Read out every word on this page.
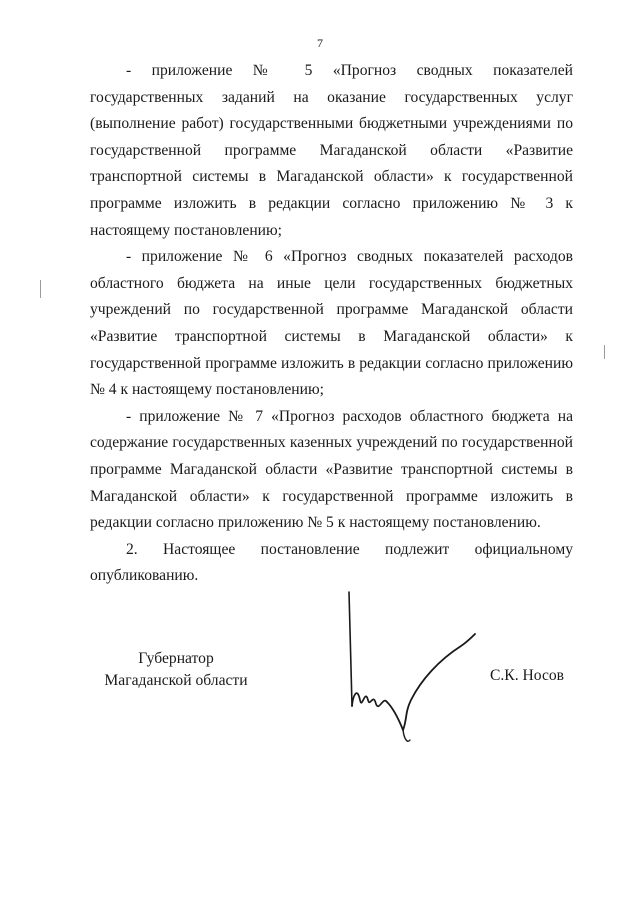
7

- приложение № 5 «Прогноз сводных показателей государственных заданий на оказание государственных услуг (выполнение работ) государственными бюджетными учреждениями по государственной программе Магаданской области «Развитие транспортной системы в Магаданской области» к государственной программе изложить в редакции согласно приложению № 3 к настоящему постановлению;

- приложение № 6 «Прогноз сводных показателей расходов областного бюджета на иные цели государственных бюджетных учреждений по государственной программе Магаданской области «Развитие транспортной системы в Магаданской области» к государственной программе изложить в редакции согласно приложению № 4 к настоящему постановлению;

- приложение № 7 «Прогноз расходов областного бюджета на содержание государственных казенных учреждений по государственной программе Магаданской области «Развитие транспортной системы в Магаданской области» к государственной программе изложить в редакции согласно приложению № 5 к настоящему постановлению.

2. Настоящее постановление подлежит официальному опубликованию.

Губернатор
Магаданской области	С.К. Носов
